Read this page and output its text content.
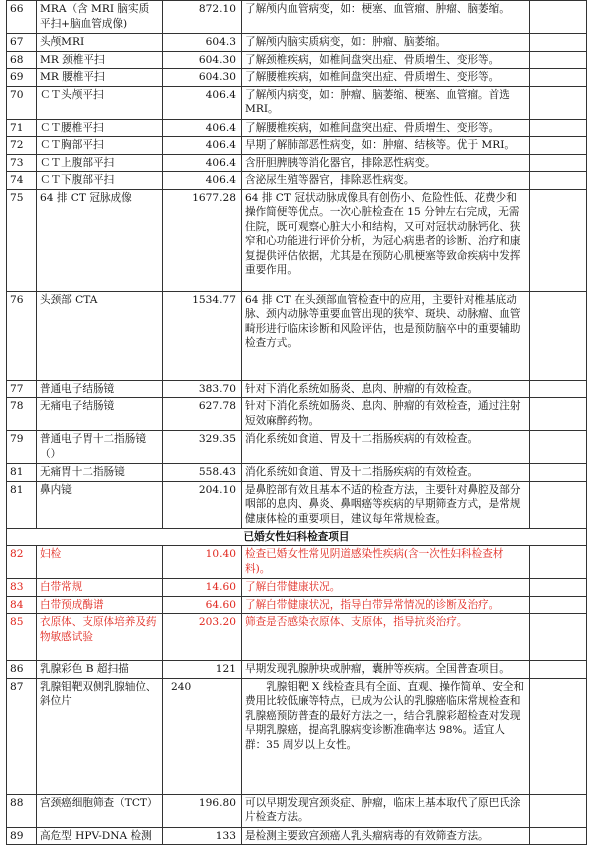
66	MRA（含 MRI 脑实质平扫+脑血管成像)	872.10	了解颅内血管病变，如：梗塞、血管瘤、肿瘤、脑萎缩。	
67	头颅MRI	604.3	了解颅内脑实质病变，如：肿瘤、脑萎缩。	
68	MR 颈椎平扫	604.30	了解颈椎疾病，如椎间盘突出症、骨质增生、变形等。	
69	MR 腰椎平扫	604.30	了解腰椎疾病，如椎间盘突出症、骨质增生、变形等。	
70	ＣＴ头颅平扫	406.4	了解颅内病变，如：肿瘤、脑萎缩、梗塞、血管瘤。首选MRI。	
71	ＣＴ腰椎平扫	406.4	了解腰椎疾病，如椎间盘突出症、骨质增生、变形等。	
72	ＣＴ胸部平扫	406.4	早期了解肺部恶性病变，如：肿瘤、结核等。优于 MRI。	
73	ＣＴ上腹部平扫	406.4	含肝胆脾胰等消化器官，排除恶性病变。	
74	ＣＴ下腹部平扫	406.4	含泌尿生殖等器官，排除恶性病变。	
75	64 排 CT 冠脉成像	1677.28	64 排 CT 冠状动脉成像具有创伤小、危险性低、花费少和操作简便等优点。一次心脏检查在 15 分钟左右完成，无需住院，既可观察心脏大小和结构，又可对冠状动脉钙化、狭窄和心功能进行评价分析，为冠心病患者的诊断、治疗和康复提供评估依据，尤其是在预防心肌梗塞等致命疾病中发挥重要作用。	
76	头颈部 CTA	1534.77	64 排 CT 在头颈部血管检查中的应用，主要针对椎基底动脉、颈内动脉等重要血管出现的狭窄、斑块、动脉瘤、血管畸形进行临床诊断和风险评估，也是预防脑卒中的重要辅助检查方式。	
77	普通电子结肠镜	383.70	针对下消化系统如肠炎、息肉、肿瘤的有效检查。	
78	无痛电子结肠镜	627.78	针对下消化系统如肠炎、息肉、肿瘤的有效检查，通过注射短效麻醉药物。	
79	普通电子胃十二指肠镜（）	329.35	消化系统如食道、胃及十二指肠疾病的有效检查。	
81	无痛胃十二指肠镜	558.43	消化系统如食道、胃及十二指肠疾病的有效检查。	
81	鼻内镜	204.10	是鼻腔部有效且基本不适的检查方法，主要针对鼻腔及部分咽部的息肉、鼻炎、鼻咽癌等疾病的早期筛查方式，是常规健康体检的重要项目，建议每年常规检查。	
已婚女性妇科检查项目				
82	妇检	10.40	检查已婚女性常见阴道感染性疾病(含一次性妇科检查材料)。	
83	白带常规	14.60	了解白带健康状况。	
84	白带预成酶谱	64.60	了解白带健康状况，指导白带异常情况的诊断及治疗。	
85	衣原体、支原体培养及药物敏感试验	203.20	筛查是否感染衣原体、支原体，指导抗炎治疗。	
86	乳腺彩色 B 超扫描	121	早期发现乳腺肿块或肿瘤，囊肿等疾病。全国普查项目。	
87	乳腺钼靶双侧乳腺轴位、斜位片	240	乳腺钼靶 X 线检查具有全面、直观、操作简单、安全和费用比较低廉等特点，已成为公认的乳腺癌临床常规检查和乳腺癌预防普查的最好方法之一，结合乳腺彩超检查对发现早期乳腺癌，提高乳腺病变诊断准确率达 98%。适宜人群：35 周岁以上女性。	
88	宫颈癌细胞筛查（TCT）	196.80	可以早期发现宫颈炎症、肿瘤，临床上基本取代了原巴氏涂片检查方法。	
89	高危型 HPV-DNA 检测	133	是检测主要致宫颈癌人乳头瘤病毒的有效筛查方法。	
